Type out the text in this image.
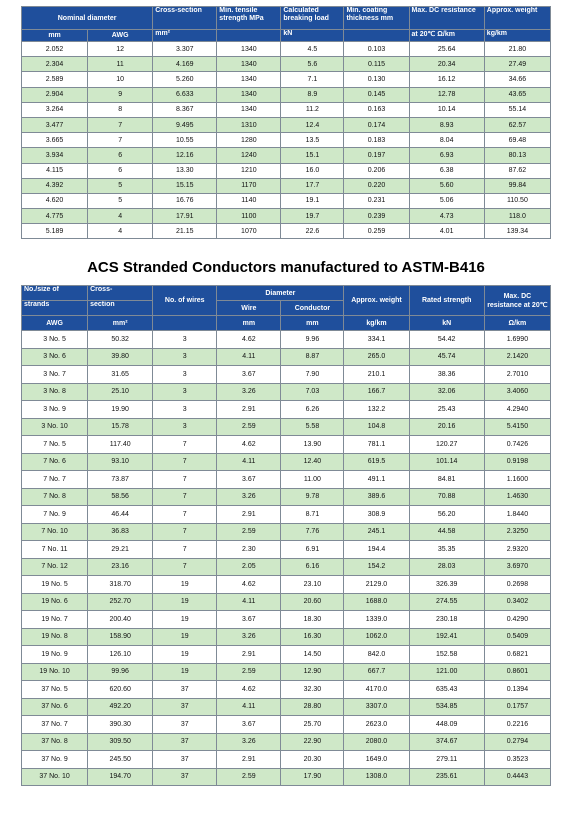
Nominal diameter		Cross-section	Min. tensile strength MPa	Calculated breaking load	Min. coating thickness mm	Max. DC resistance	Approx. weight
mm	AWG	mm²		kN		at 20℃ Ω/km	kg/km
2.052	12	3.307	1340	4.5	0.103	25.64	21.80
2.304	11	4.169	1340	5.6	0.115	20.34	27.49
2.589	10	5.260	1340	7.1	0.130	16.12	34.66
2.904	9	6.633	1340	8.9	0.145	12.78	43.65
3.264	8	8.367	1340	11.2	0.163	10.14	55.14
3.477	7	9.495	1310	12.4	0.174	8.93	62.57
3.665	7	10.55	1280	13.5	0.183	8.04	69.48
3.934	6	12.16	1240	15.1	0.197	6.93	80.13
4.115	6	13.30	1210	16.0	0.206	6.38	87.62
4.392	5	15.15	1170	17.7	0.220	5.60	99.84
4.620	5	16.76	1140	19.1	0.231	5.06	110.50
4.775	4	17.91	1100	19.7	0.239	4.73	118.0
5.189	4	21.15	1070	22.6	0.259	4.01	139.34
ACS Stranded Conductors manufactured to ASTM-B416
No./size of	Cross-	No. of wires	Diameter		Approx. weight	Rated strength	Max. DC resistance at 20℃
strands	section		Wire	Conductor			
AWG	mm²		mm	mm	kg/km	kN	Ω/km
3 No. 5	50.32	3	4.62	9.96	334.1	54.42	1.6990
3 No. 6	39.80	3	4.11	8.87	265.0	45.74	2.1420
3 No. 7	31.65	3	3.67	7.90	210.1	38.36	2.7010
3 No. 8	25.10	3	3.26	7.03	166.7	32.06	3.4060
3 No. 9	19.90	3	2.91	6.26	132.2	25.43	4.2940
3 No. 10	15.78	3	2.59	5.58	104.8	20.16	5.4150
7 No. 5	117.40	7	4.62	13.90	781.1	120.27	0.7426
7 No. 6	93.10	7	4.11	12.40	619.5	101.14	0.9198
7 No. 7	73.87	7	3.67	11.00	491.1	84.81	1.1600
7 No. 8	58.56	7	3.26	9.78	389.6	70.88	1.4630
7 No. 9	46.44	7	2.91	8.71	308.9	56.20	1.8440
7 No. 10	36.83	7	2.59	7.76	245.1	44.58	2.3250
7 No. 11	29.21	7	2.30	6.91	194.4	35.35	2.9320
7 No. 12	23.16	7	2.05	6.16	154.2	28.03	3.6970
19 No. 5	318.70	19	4.62	23.10	2129.0	326.39	0.2698
19 No. 6	252.70	19	4.11	20.60	1688.0	274.55	0.3402
19 No. 7	200.40	19	3.67	18.30	1339.0	230.18	0.4290
19 No. 8	158.90	19	3.26	16.30	1062.0	192.41	0.5409
19 No. 9	126.10	19	2.91	14.50	842.0	152.58	0.6821
19 No. 10	99.96	19	2.59	12.90	667.7	121.00	0.8601
37 No. 5	620.60	37	4.62	32.30	4170.0	635.43	0.1394
37 No. 6	492.20	37	4.11	28.80	3307.0	534.85	0.1757
37 No. 7	390.30	37	3.67	25.70	2623.0	448.09	0.2216
37 No. 8	309.50	37	3.26	22.90	2080.0	374.67	0.2794
37 No. 9	245.50	37	2.91	20.30	1649.0	279.11	0.3523
37 No. 10	194.70	37	2.59	17.90	1308.0	235.61	0.4443
